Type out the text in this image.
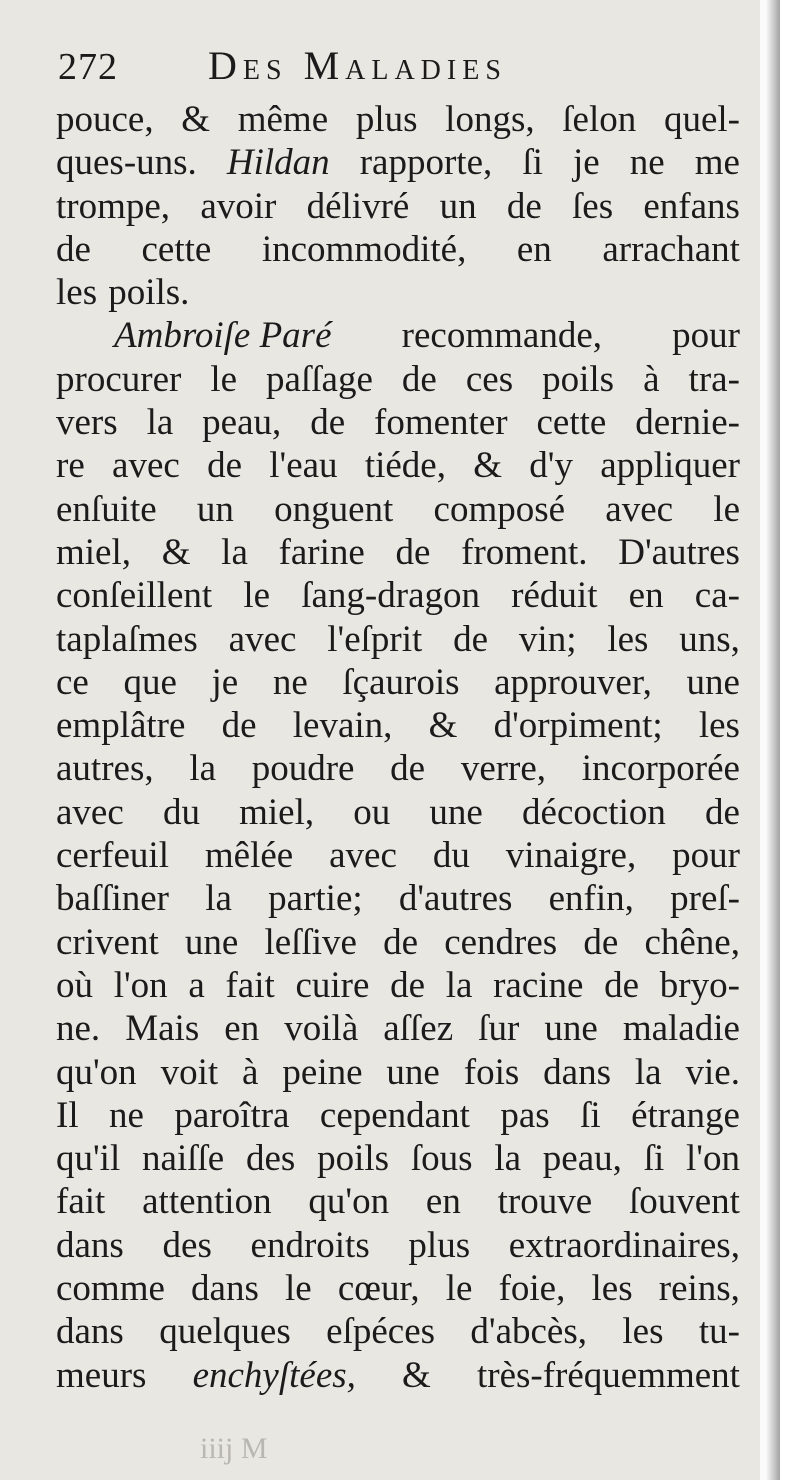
272	Des Maladies
pouce, & même plus longs, ſelon quel-
ques-uns. Hildan rapporte, ſi je ne me
trompe, avoir délivré un de ſes enfans
de cette incommodité, en arrachant
les poils.
Ambroiſe Paré recommande, pour
procurer le paſſage de ces poils à tra-
vers la peau, de fomenter cette dernie-
re avec de l'eau tiéde, & d'y appliquer
enſuite un onguent composé avec le
miel, & la farine de froment. D'autres
conſeillent le ſang-dragon réduit en ca-
taplaſmes avec l'eſprit de vin; les uns,
ce que je ne ſçaurois approuver, une
emplâtre de levain, & d'orpiment; les
autres, la poudre de verre, incorporée
avec du miel, ou une décoction de
cerfeuil mêlée avec du vinaigre, pour
baſſiner la partie; d'autres enfin, preſ-
crivent une leſſive de cendres de chêne,
où l'on a fait cuire de la racine de bryo-
ne. Mais en voilà aſſez ſur une maladie
qu'on voit à peine une fois dans la vie.
Il ne paroîtra cependant pas ſi étrange
qu'il naiſſe des poils ſous la peau, ſi l'on
fait attention qu'on en trouve ſouvent
dans des endroits plus extraordinaires,
comme dans le cœur, le foie, les reins,
dans quelques eſpéces d'abcès, les tu-
meurs enchyſtées, & très-fréquemment
iiij M
